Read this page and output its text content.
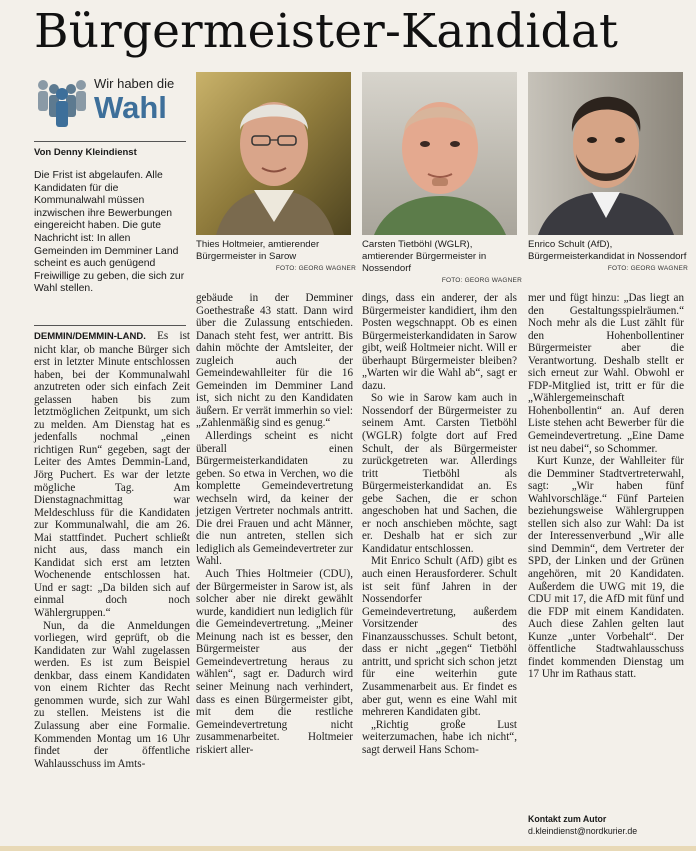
Bürgermeister-Kandidat
Wir haben die
Wahl
Von Denny Kleindienst
Die Frist ist abgelaufen. Alle Kandidaten für die Kommunalwahl müssen inzwischen ihre Bewerbungen eingereicht haben. Die gute Nachricht ist: In allen Gemeinden im Demminer Land scheint es auch genügend Freiwillige zu geben, die sich zur Wahl stellen.
Thies Holtmeier, amtierender Bürgermeister in Sarow
FOTO: GEORG WAGNER
Carsten Tietböhl (WGLR), amtierender Bürgermeister in Nossendorf
FOTO: GEORG WAGNER
Enrico Schult (AfD), Bürgermeisterkandidat in Nossendorf
FOTO: GEORG WAGNER

DEMMIN/DEMMIN-LAND. Es ist nicht klar, ob manche Bürger sich erst in letzter Minute entschlossen haben, bei der Kommunalwahl anzutreten oder sich einfach Zeit gelassen haben bis zum letztmöglichen Zeitpunkt, um sich zu melden. Am Dienstag hat es jedenfalls nochmal „einen richtigen Run“ gegeben, sagt der Leiter des Amtes Demmin-Land, Jörg Puchert. Es war der letzte mögliche Tag. Am Dienstagnachmittag war Meldeschluss für die Kandidaten zur Kommunalwahl, die am 26. Mai stattfindet. Puchert schließt nicht aus, dass manch ein Kandidat sich erst am letzten Wochenende entschlossen hat. Und er sagt: „Da bilden sich auf einmal doch noch Wählergruppen.“

Nun, da die Anmeldungen vorliegen, wird geprüft, ob die Kandidaten zur Wahl zugelassen werden. Es ist zum Beispiel denkbar, dass einem Kandidaten von einem Richter das Recht genommen wurde, sich zur Wahl zu stellen. Meistens ist die Zulassung aber eine Formalie. Kommenden Montag um 16 Uhr findet der öffentliche Wahlausschuss im Amts-

gebäude in der Demminer Goethestraße 43 statt. Dann wird über die Zulassung entschieden. Danach steht fest, wer antritt. Bis dahin möchte der Amtsleiter, der zugleich auch der Gemeindewahlleiter für die 16 Gemeinden im Demminer Land ist, sich nicht zu den Kandidaten äußern. Er verrät immerhin so viel: „Zahlenmäßig sind es genug.“

Allerdings scheint es nicht überall einen Bürgermeisterkandidaten zu geben. So etwa in Verchen, wo die komplette Gemeindevertretung wechseln wird, da keiner der jetzigen Vertreter nochmals antritt. Die drei Frauen und acht Männer, die nun antreten, stellen sich lediglich als Gemeindevertreter zur Wahl.

Auch Thies Holtmeier (CDU), der Bürgermeister in Sarow ist, als solcher aber nie direkt gewählt wurde, kandidiert nun lediglich für die Gemeindevertretung. „Meiner Meinung nach ist es besser, den Bürgermeister aus der Gemeindevertretung heraus zu wählen“, sagt er. Dadurch wird seiner Meinung nach verhindert, dass es einen Bürgermeister gibt, mit dem die restliche Gemeindevertretung nicht zusammenarbeitet. Holtmeier riskiert aller-

dings, dass ein anderer, der als Bürgermeister kandidiert, ihm den Posten wegschnappt. Ob es einen Bürgermeisterkandidaten in Sarow gibt, weiß Holtmeier nicht. Will er überhaupt Bürgermeister bleiben? „Warten wir die Wahl ab“, sagt er dazu.

So wie in Sarow kam auch in Nossendorf der Bürgermeister zu seinem Amt. Carsten Tietböhl (WGLR) folgte dort auf Fred Schult, der als Bürgermeister zurückgetreten war. Allerdings tritt Tietböhl als Bürgermeisterkandidat an. Es gebe Sachen, die er schon angeschoben hat und Sachen, die er noch anschieben möchte, sagt er. Deshalb hat er sich zur Kandidatur entschlossen.

Mit Enrico Schult (AfD) gibt es auch einen Herausforderer. Schult ist seit fünf Jahren in der Nossendorfer Gemeindevertretung, außerdem Vorsitzender des Finanzausschusses. Schult betont, dass er nicht „gegen“ Tietböhl antritt, und spricht sich schon jetzt für eine weiterhin gute Zusammenarbeit aus. Er findet es aber gut, wenn es eine Wahl mit mehreren Kandidaten gibt.

„Richtig große Lust weiterzumachen, habe ich nicht“, sagt derweil Hans Schom-

mer und fügt hinzu: „Das liegt an den Gestaltungsspielräumen.“ Noch mehr als die Lust zählt für den Hohenbollentiner Bürgermeister aber die Verantwortung. Deshalb stellt er sich erneut zur Wahl. Obwohl er FDP-Mitglied ist, tritt er für die „Wählergemeinschaft Hohenbollentin“ an. Auf deren Liste stehen acht Bewerber für die Gemeindevertretung. „Eine Dame ist neu dabei“, so Schommer.

Kurt Kunze, der Wahlleiter für die Demminer Stadtvertreterwahl, sagt: „Wir haben fünf Wahlvorschläge.“ Fünf Parteien beziehungsweise Wählergruppen stellen sich also zur Wahl: Da ist der Interessenverbund „Wir alle sind Demmin“, dem Vertreter der SPD, der Linken und der Grünen angehören, mit 20 Kandidaten. Außerdem die UWG mit 19, die CDU mit 17, die AfD mit fünf und die FDP mit einem Kandidaten. Auch diese Zahlen gelten laut Kunze „unter Vorbehalt“. Der öffentliche Stadtwahlausschuss findet kommenden Dienstag um 17 Uhr im Rathaus statt.

Kontakt zum Autor
d.kleindienst@nordkurier.de
